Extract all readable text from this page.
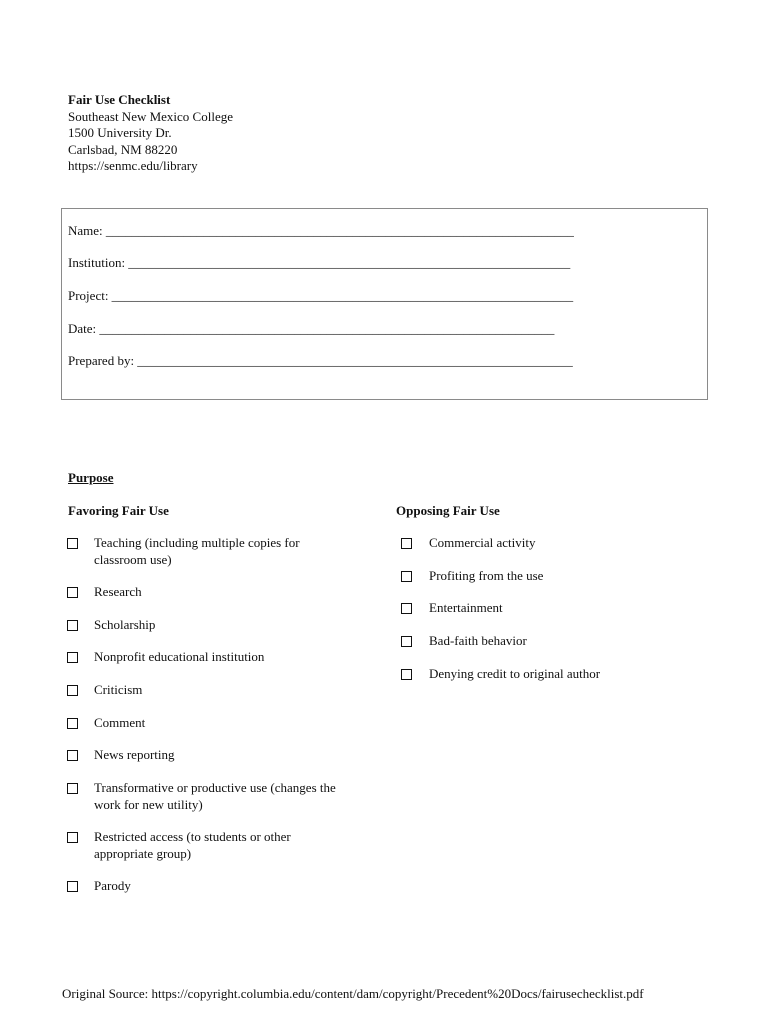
Fair Use Checklist
Southeast New Mexico College
1500 University Dr.
Carlsbad, NM 88220
https://senmc.edu/library
Name: ________________________________________________________________________
Institution: ____________________________________________________________________
Project: _______________________________________________________________________
Date: ______________________________________________________________________
Prepared by: ___________________________________________________________________
Purpose
Favoring Fair Use	Opposing Fair Use
Teaching (including multiple copies for classroom use)
Research
Scholarship
Nonprofit educational institution
Criticism
Comment
News reporting
Transformative or productive use (changes the work for new utility)
Restricted access (to students or other appropriate group)
Parody
Commercial activity
Profiting from the use
Entertainment
Bad-faith behavior
Denying credit to original author
Original Source: https://copyright.columbia.edu/content/dam/copyright/Precedent%20Docs/fairusechecklist.pdf
